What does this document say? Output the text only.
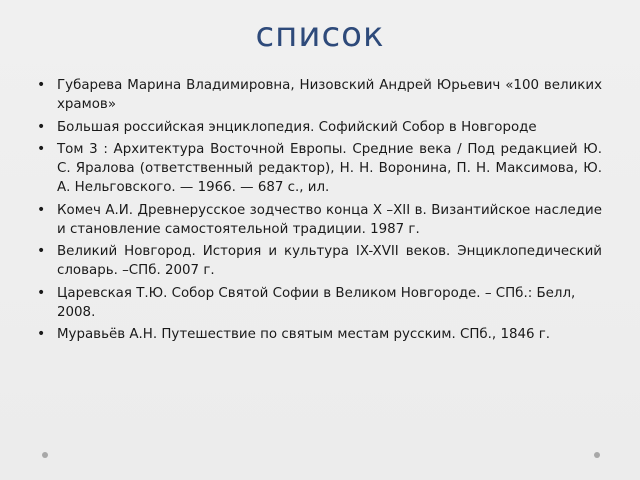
список
• Губарева Марина Владимировна, Низовский Андрей Юрьевич «100 великих храмов»
• Большая российская энциклопедия. Софийский Собор в Новгороде
• Том 3 : Архитектура Восточной Европы. Средние века / Под редакцией Ю. С. Яралова (ответственный редактор), Н. Н. Воронина, П. Н. Максимова, Ю. А. Нельговского. — 1966. — 687 с., ил.
• Комеч А.И. Древнерусское зодчество конца X –XII в. Византийское наследие и становление самостоятельной традиции. 1987 г.
• Великий Новгород. История и культура IX-XVII веков. Энциклопедический словарь. –СПб. 2007 г.
• Царевская Т.Ю. Собор Святой Софии в Великом Новгороде. – СПб.: Белл, 2008.
• Муравьёв А.Н. Путешествие по святым местам русским. СПб., 1846 г.
